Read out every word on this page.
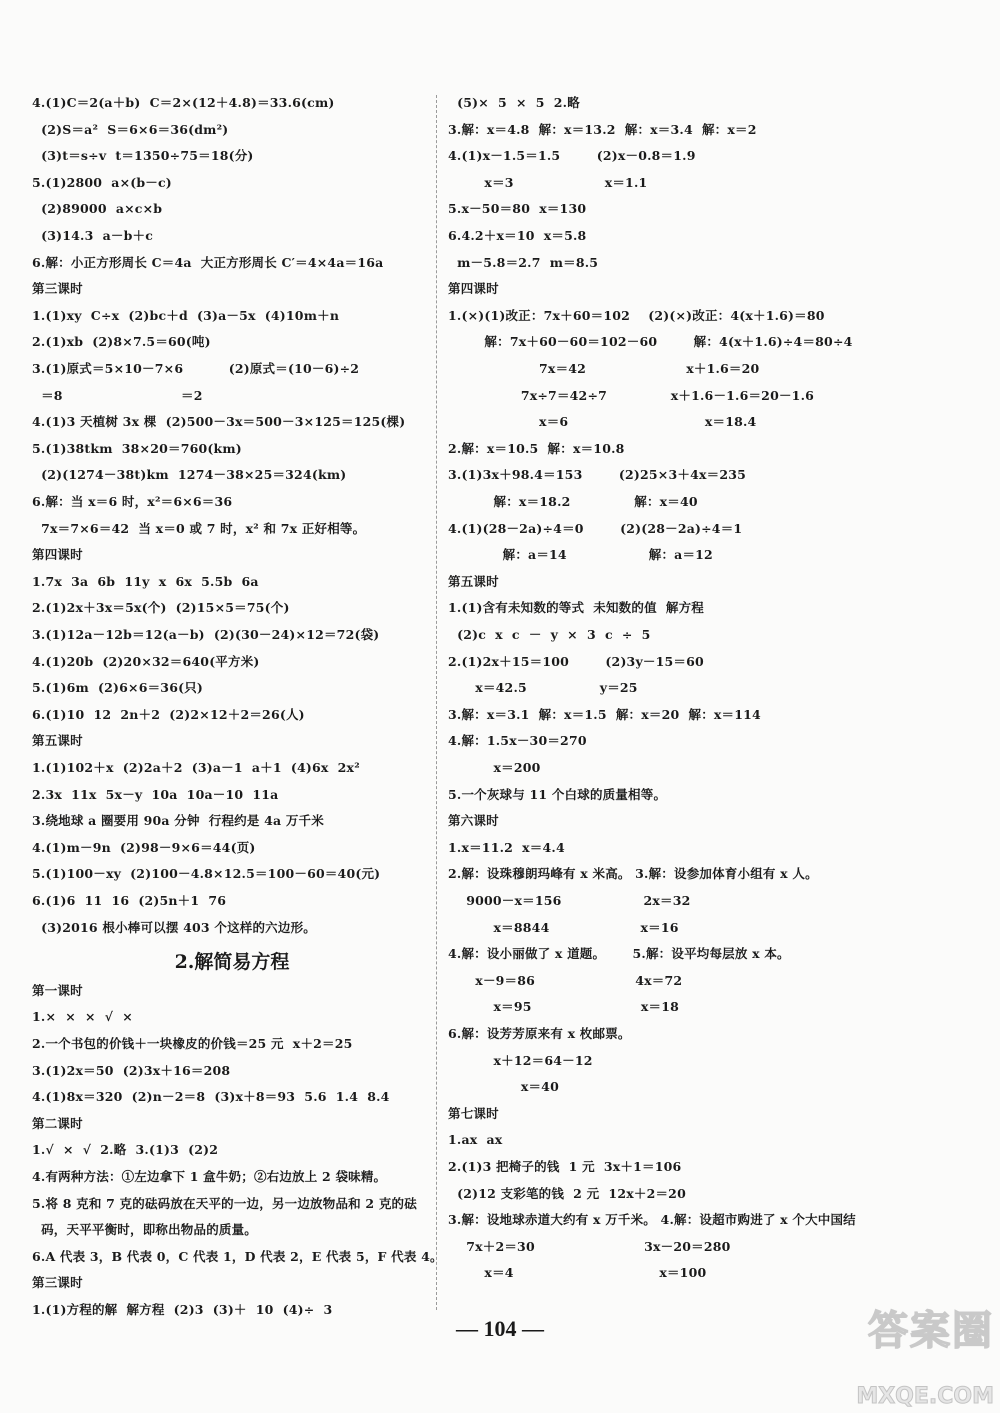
4.(1)C＝2(a＋b)  C＝2×(12＋4.8)＝33.6(cm)
(2)S＝a²  S＝6×6＝36(dm²)
(3)t＝s÷v  t＝1350÷75＝18(分)
5.(1)2800  a×(b－c)
(2)89000  a×c×b
(3)14.3  a－b＋c
6.解：小正方形周长 C＝4a  大正方形周长 C′＝4×4a＝16a
第三课时
1.(1)xy  C÷x  (2)bc＋d  (3)a－5x  (4)10m＋n
2.(1)xb  (2)8×7.5＝60(吨)
3.(1)原式＝5×10－7×6          (2)原式＝(10－6)÷2
＝8                          ＝2
4.(1)3 天植树 3x 棵  (2)500－3x＝500－3×125＝125(棵)
5.(1)38tkm  38×20＝760(km)
(2)(1274－38t)km  1274－38×25＝324(km)
6.解：当 x＝6 时，x²＝6×6＝36
7x＝7×6＝42  当 x＝0 或 7 时，x² 和 7x 正好相等。
第四课时
1.7x  3a  6b  11y  x  6x  5.5b  6a
2.(1)2x＋3x＝5x(个)  (2)15×5＝75(个)
3.(1)12a－12b＝12(a－b)  (2)(30－24)×12＝72(袋)
4.(1)20b  (2)20×32＝640(平方米)
5.(1)6m  (2)6×6＝36(只)
6.(1)10  12  2n＋2  (2)2×12＋2＝26(人)
第五课时
1.(1)102＋x  (2)2a＋2  (3)a－1  a＋1  (4)6x  2x²
2.3x  11x  5x－y  10a  10a－10  11a
3.绕地球 a 圈要用 90a 分钟  行程约是 4a 万千米
4.(1)m－9n  (2)98－9×6＝44(页)
5.(1)100－xy  (2)100－4.8×12.5＝100－60＝40(元)
6.(1)6  11  16  (2)5n＋1  76
(3)2016 根小棒可以摆 403 个这样的六边形。
2.解简易方程
第一课时
1.×  ×  ×  √  ×
2.一个书包的价钱＋一块橡皮的价钱＝25 元  x＋2＝25
3.(1)2x＝50  (2)3x＋16＝208
4.(1)8x＝320  (2)n－2＝8  (3)x＋8＝93  5.6  1.4  8.4
第二课时
1.√  ×  √  2.略  3.(1)3  (2)2
4.有两种方法：①左边拿下 1 盒牛奶；②右边放上 2 袋味精。
5.将 8 克和 7 克的砝码放在天平的一边，另一边放物品和 2 克的砝
码，天平平衡时，即称出物品的质量。
6.A 代表 3，B 代表 0，C 代表 1，D 代表 2，E 代表 5，F 代表 4。
第三课时
1.(1)方程的解  解方程  (2)3  (3)＋  10  (4)÷  3
(5)×  5  ×  5  2.略
3.解：x＝4.8  解：x＝13.2  解：x＝3.4  解：x＝2
4.(1)x－1.5＝1.5        (2)x－0.8＝1.9
x＝3                    x＝1.1
5.x－50＝80  x＝130
6.4.2＋x＝10  x＝5.8
m－5.8＝2.7  m＝8.5
第四课时
1.(×)(1)改正：7x＋60＝102    (2)(×)改正：4(x＋1.6)＝80
解：7x＋60－60＝102－60        解：4(x＋1.6)÷4＝80÷4
7x＝42                      x＋1.6＝20
7x÷7＝42÷7              x＋1.6－1.6＝20－1.6
x＝6                              x＝18.4
2.解：x＝10.5  解：x＝10.8
3.(1)3x＋98.4＝153        (2)25×3＋4x＝235
解：x＝18.2              解：x＝40
4.(1)(28－2a)÷4＝0        (2)(28－2a)÷4＝1
解：a＝14                  解：a＝12
第五课时
1.(1)含有未知数的等式  未知数的值  解方程
(2)c  x  c  －  y  ×  3  c  ÷  5
2.(1)2x＋15＝100        (2)3y－15＝60
x＝42.5                y＝25
3.解：x＝3.1  解：x＝1.5  解：x＝20  解：x＝114
4.解：1.5x－30＝270
x＝200
5.一个灰球与 11 个白球的质量相等。
第六课时
1.x＝11.2  x＝4.4
2.解：设珠穆朗玛峰有 x 米高。 3.解：设参加体育小组有 x 人。
9000－x＝156                  2x＝32
x＝8844                    x＝16
4.解：设小丽做了 x 道题。      5.解：设平均每层放 x 本。
x－9＝86                      4x＝72
x＝95                        x＝18
6.解：设芳芳原来有 x 枚邮票。
x＋12＝64－12
x＝40
第七课时
1.ax  ax
2.(1)3 把椅子的钱  1 元  3x＋1＝106
(2)12 支彩笔的钱  2 元  12x＋2＝20
3.解：设地球赤道大约有 x 万千米。 4.解：设超市购进了 x 个大中国结
7x＋2＝30                        3x－20＝280
x＝4                                x＝100
— 104 —	答案圈
MXQE.COM
